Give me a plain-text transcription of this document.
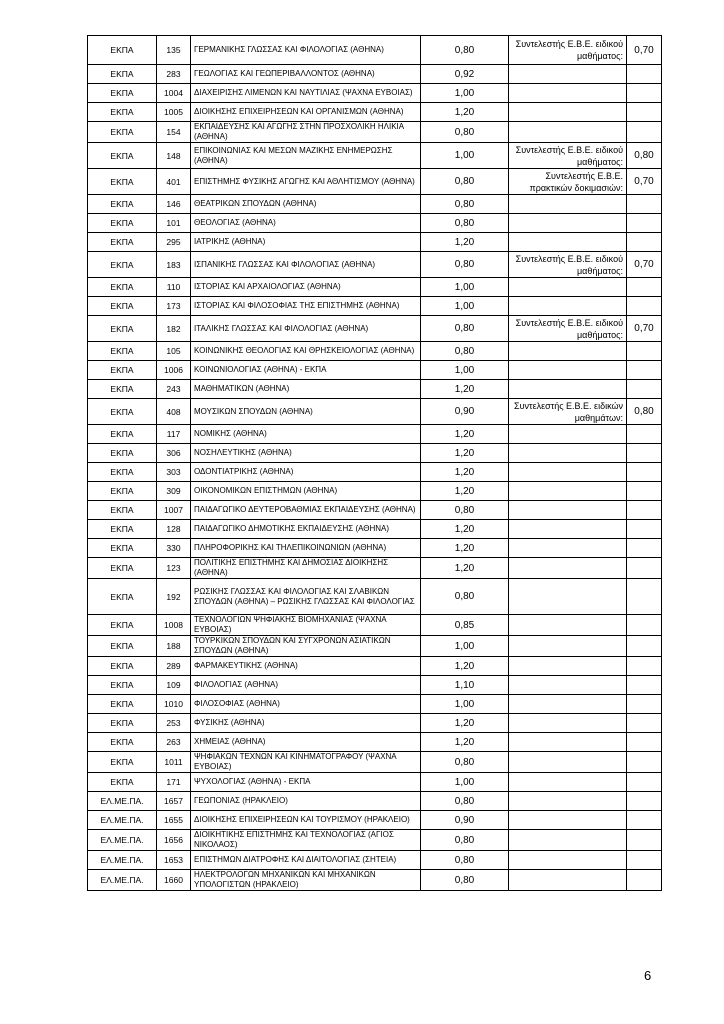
ΕΚΠΑ	135	ΓΕΡΜΑΝΙΚΗΣ ΓΛΩΣΣΑΣ ΚΑΙ ΦΙΛΟΛΟΓΙΑΣ (ΑΘΗΝΑ)	0,80	Συντελεστής Ε.Β.Ε. ειδικού μαθήματος:	0,70
ΕΚΠΑ	283	ΓΕΩΛΟΓΙΑΣ ΚΑΙ ΓΕΩΠΕΡΙΒΑΛΛΟΝΤΟΣ (ΑΘΗΝΑ)	0,92		
ΕΚΠΑ	1004	ΔΙΑΧΕΙΡΙΣΗΣ ΛΙΜΕΝΩΝ ΚΑΙ ΝΑΥΤΙΛΙΑΣ (ΨΑΧΝΑ ΕΥΒΟΙΑΣ)	1,00		
ΕΚΠΑ	1005	ΔΙΟΙΚΗΣΗΣ ΕΠΙΧΕΙΡΗΣΕΩΝ ΚΑΙ ΟΡΓΑΝΙΣΜΩΝ (ΑΘΗΝΑ)	1,20		
ΕΚΠΑ	154	ΕΚΠΑΙΔΕΥΣΗΣ ΚΑΙ ΑΓΩΓΗΣ ΣΤΗΝ ΠΡΟΣΧΟΛΙΚΗ ΗΛΙΚΙΑ (ΑΘΗΝΑ)	0,80		
ΕΚΠΑ	148	ΕΠΙΚΟΙΝΩΝΙΑΣ ΚΑΙ ΜΕΣΩΝ ΜΑΖΙΚΗΣ ΕΝΗΜΕΡΩΣΗΣ (ΑΘΗΝΑ)	1,00	Συντελεστής Ε.Β.Ε. ειδικού μαθήματος:	0,80
ΕΚΠΑ	401	ΕΠΙΣΤΗΜΗΣ ΦΥΣΙΚΗΣ ΑΓΩΓΗΣ ΚΑΙ ΑΘΛΗΤΙΣΜΟΥ (ΑΘΗΝΑ)	0,80	Συντελεστής Ε.Β.Ε. πρακτικών δοκιμασιών:	0,70
ΕΚΠΑ	146	ΘΕΑΤΡΙΚΩΝ ΣΠΟΥΔΩΝ (ΑΘΗΝΑ)	0,80		
ΕΚΠΑ	101	ΘΕΟΛΟΓΙΑΣ (ΑΘΗΝΑ)	0,80		
ΕΚΠΑ	295	ΙΑΤΡΙΚΗΣ (ΑΘΗΝΑ)	1,20		
ΕΚΠΑ	183	ΙΣΠΑΝΙΚΗΣ ΓΛΩΣΣΑΣ ΚΑΙ ΦΙΛΟΛΟΓΙΑΣ (ΑΘΗΝΑ)	0,80	Συντελεστής Ε.Β.Ε. ειδικού μαθήματος:	0,70
ΕΚΠΑ	110	ΙΣΤΟΡΙΑΣ ΚΑΙ ΑΡΧΑΙΟΛΟΓΙΑΣ (ΑΘΗΝΑ)	1,00		
ΕΚΠΑ	173	ΙΣΤΟΡΙΑΣ ΚΑΙ ΦΙΛΟΣΟΦΙΑΣ ΤΗΣ ΕΠΙΣΤΗΜΗΣ (ΑΘΗΝΑ)	1,00		
ΕΚΠΑ	182	ΙΤΑΛΙΚΗΣ ΓΛΩΣΣΑΣ ΚΑΙ ΦΙΛΟΛΟΓΙΑΣ (ΑΘΗΝΑ)	0,80	Συντελεστής Ε.Β.Ε. ειδικού μαθήματος:	0,70
ΕΚΠΑ	105	ΚΟΙΝΩΝΙΚΗΣ ΘΕΟΛΟΓΙΑΣ ΚΑΙ ΘΡΗΣΚΕΙΟΛΟΓΙΑΣ (ΑΘΗΝΑ)	0,80		
ΕΚΠΑ	1006	ΚΟΙΝΩΝΙΟΛΟΓΙΑΣ (ΑΘΗΝΑ) - ΕΚΠΑ	1,00		
ΕΚΠΑ	243	ΜΑΘΗΜΑΤΙΚΩΝ (ΑΘΗΝΑ)	1,20		
ΕΚΠΑ	408	ΜΟΥΣΙΚΩΝ ΣΠΟΥΔΩΝ (ΑΘΗΝΑ)	0,90	Συντελεστής Ε.Β.Ε. ειδικών μαθημάτων:	0,80
ΕΚΠΑ	117	ΝΟΜΙΚΗΣ (ΑΘΗΝΑ)	1,20		
ΕΚΠΑ	306	ΝΟΣΗΛΕΥΤΙΚΗΣ (ΑΘΗΝΑ)	1,20		
ΕΚΠΑ	303	ΟΔΟΝΤΙΑΤΡΙΚΗΣ (ΑΘΗΝΑ)	1,20		
ΕΚΠΑ	309	ΟΙΚΟΝΟΜΙΚΩΝ ΕΠΙΣΤΗΜΩΝ (ΑΘΗΝΑ)	1,20		
ΕΚΠΑ	1007	ΠΑΙΔΑΓΩΓΙΚΟ ΔΕΥΤΕΡΟΒΑΘΜΙΑΣ ΕΚΠΑΙΔΕΥΣΗΣ (ΑΘΗΝΑ)	0,80		
ΕΚΠΑ	128	ΠΑΙΔΑΓΩΓΙΚΟ ΔΗΜΟΤΙΚΗΣ ΕΚΠΑΙΔΕΥΣΗΣ (ΑΘΗΝΑ)	1,20		
ΕΚΠΑ	330	ΠΛΗΡΟΦΟΡΙΚΗΣ ΚΑΙ ΤΗΛΕΠΙΚΟΙΝΩΝΙΩΝ (ΑΘΗΝΑ)	1,20		
ΕΚΠΑ	123	ΠΟΛΙΤΙΚΗΣ ΕΠΙΣΤΗΜΗΣ ΚΑΙ ΔΗΜΟΣΙΑΣ ΔΙΟΙΚΗΣΗΣ (ΑΘΗΝΑ)	1,20		
ΕΚΠΑ	192	ΡΩΣΙΚΗΣ ΓΛΩΣΣΑΣ ΚΑΙ ΦΙΛΟΛΟΓΙΑΣ ΚΑΙ ΣΛΑΒΙΚΩΝ ΣΠΟΥΔΩΝ (ΑΘΗΝΑ) – ΡΩΣΙΚΗΣ ΓΛΩΣΣΑΣ ΚΑΙ ΦΙΛΟΛΟΓΙΑΣ	0,80		
ΕΚΠΑ	1008	ΤΕΧΝΟΛΟΓΙΩΝ ΨΗΦΙΑΚΗΣ ΒΙΟΜΗΧΑΝΙΑΣ (ΨΑΧΝΑ ΕΥΒΟΙΑΣ)	0,85		
ΕΚΠΑ	188	ΤΟΥΡΚΙΚΩΝ ΣΠΟΥΔΩΝ ΚΑΙ ΣΥΓΧΡΟΝΩΝ ΑΣΙΑΤΙΚΩΝ ΣΠΟΥΔΩΝ (ΑΘΗΝΑ)	1,00		
ΕΚΠΑ	289	ΦΑΡΜΑΚΕΥΤΙΚΗΣ (ΑΘΗΝΑ)	1,20		
ΕΚΠΑ	109	ΦΙΛΟΛΟΓΙΑΣ (ΑΘΗΝΑ)	1,10		
ΕΚΠΑ	1010	ΦΙΛΟΣΟΦΙΑΣ (ΑΘΗΝΑ)	1,00		
ΕΚΠΑ	253	ΦΥΣΙΚΗΣ (ΑΘΗΝΑ)	1,20		
ΕΚΠΑ	263	ΧΗΜΕΙΑΣ (ΑΘΗΝΑ)	1,20		
ΕΚΠΑ	1011	ΨΗΦΙΑΚΩΝ ΤΕΧΝΩΝ ΚΑΙ ΚΙΝΗΜΑΤΟΓΡΑΦΟΥ (ΨΑΧΝΑ ΕΥΒΟΙΑΣ)	0,80		
ΕΚΠΑ	171	ΨΥΧΟΛΟΓΙΑΣ (ΑΘΗΝΑ) - ΕΚΠΑ	1,00		
ΕΛ.ΜΕ.ΠΑ.	1657	ΓΕΩΠΟΝΙΑΣ (ΗΡΑΚΛΕΙΟ)	0,80		
ΕΛ.ΜΕ.ΠΑ.	1655	ΔΙΟΙΚΗΣΗΣ ΕΠΙΧΕΙΡΗΣΕΩΝ ΚΑΙ ΤΟΥΡΙΣΜΟΥ (ΗΡΑΚΛΕΙΟ)	0,90		
ΕΛ.ΜΕ.ΠΑ.	1656	ΔΙΟΙΚΗΤΙΚΗΣ ΕΠΙΣΤΗΜΗΣ ΚΑΙ ΤΕΧΝΟΛΟΓΙΑΣ (ΑΓΙΟΣ ΝΙΚΟΛΑΟΣ)	0,80		
ΕΛ.ΜΕ.ΠΑ.	1653	ΕΠΙΣΤΗΜΩΝ ΔΙΑΤΡΟΦΗΣ ΚΑΙ ΔΙΑΙΤΟΛΟΓΙΑΣ (ΣΗΤΕΙΑ)	0,80		
ΕΛ.ΜΕ.ΠΑ.	1660	ΗΛΕΚΤΡΟΛΟΓΩΝ ΜΗΧΑΝΙΚΩΝ ΚΑΙ ΜΗΧΑΝΙΚΩΝ ΥΠΟΛΟΓΙΣΤΩΝ (ΗΡΑΚΛΕΙΟ)	0,80		
6
